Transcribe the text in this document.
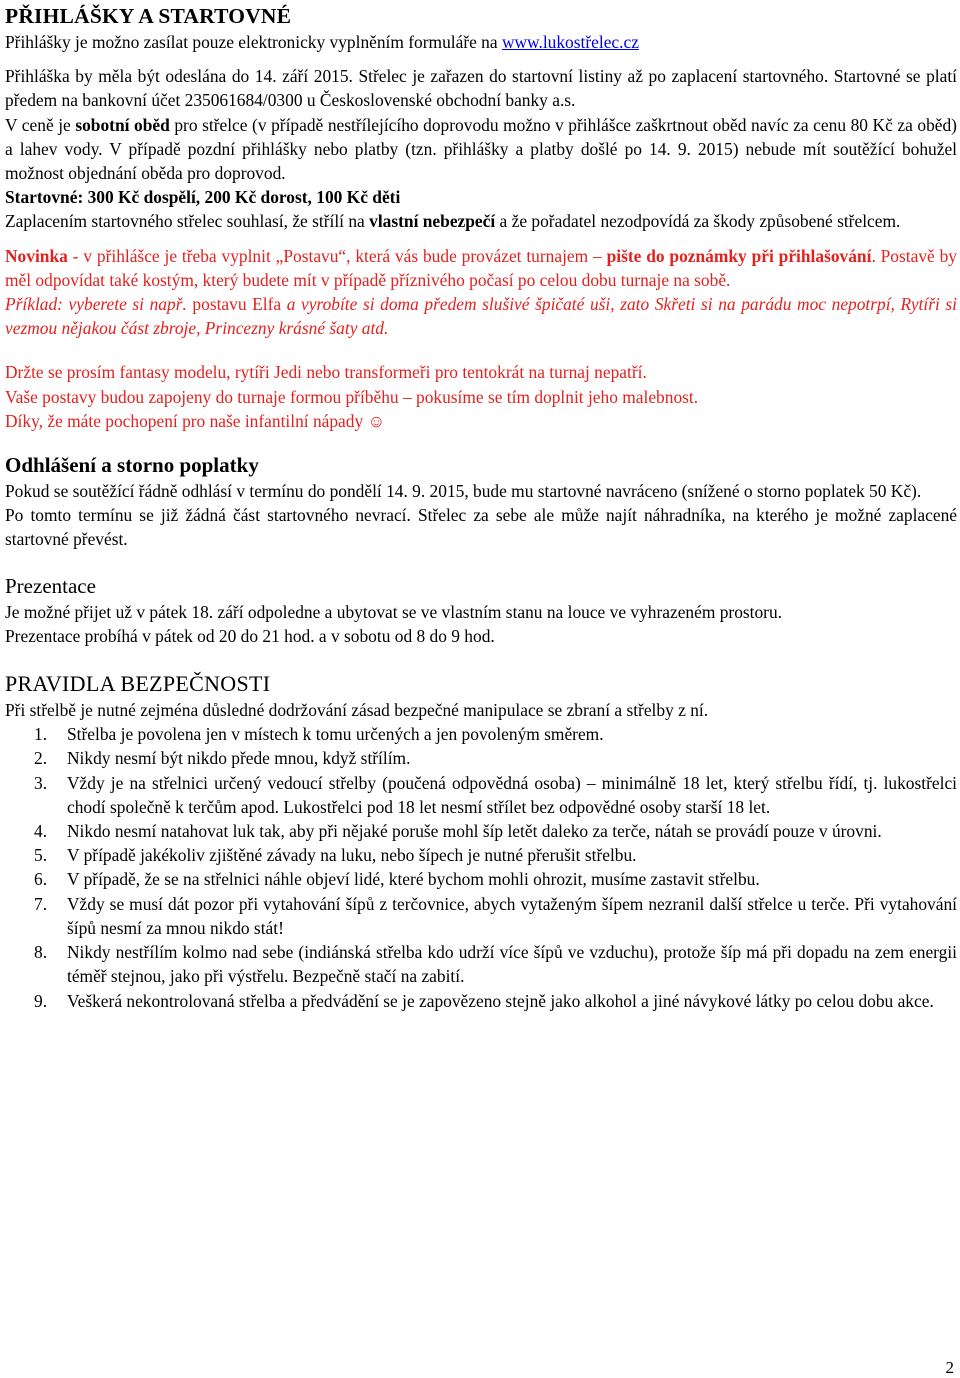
PŘIHLÁŠKY A STARTOVNÉ

Přihlášky je možno zasílat pouze elektronicky vyplněním formuláře na www.lukostřelec.cz

Přihláška by měla být odeslána do 14. září 2015. Střelec je zařazen do startovní listiny až po zaplacení startovného. Startovné se platí předem na bankovní účet 235061684/0300 u Československé obchodní banky a.s.

V ceně je sobotní oběd pro střelce (v případě nestřílejícího doprovodu možno v přihlášce zaškrtnout oběd navíc za cenu 80 Kč za oběd) a lahev vody. V případě pozdní přihlášky nebo platby (tzn. přihlášky a platby došlé po 14. 9. 2015) nebude mít soutěžící bohužel možnost objednání oběda pro doprovod.

Startovné: 300 Kč dospělí, 200 Kč dorost, 100 Kč děti

Zaplacením startovného střelec souhlasí, že střílí na vlastní nebezpečí a že pořadatel nezodpovídá za škody způsobené střelcem.

Novinka - v přihlášce je třeba vyplnit „Postavu“, která vás bude provázet turnajem – pište do poznámky při přihlašování. Postavě by měl odpovídat také kostým, který budete mít v případě příznivého počasí po celou dobu turnaje na sobě.

Příklad: vyberete si např. postavu Elfa a vyrobíte si doma předem slušivé špičaté uši, zato Skřeti si na parádu moc nepotrpí, Rytíři si vezmou nějakou část zbroje, Princezny krásné šaty atd.

Držte se prosím fantasy modelu, rytíři Jedi nebo transformeři pro tentokrát na turnaj nepatří.

Vaše postavy budou zapojeny do turnaje formou příběhu – pokusíme se tím doplnit jeho malebnost.

Díky, že máte pochopení pro naše infantilní nápady ☺

Odhlášení a storno poplatky

Pokud se soutěžící řádně odhlásí v termínu do pondělí 14. 9. 2015, bude mu startovné navráceno (snížené o storno poplatek 50 Kč).

Po tomto termínu se již žádná část startovného nevrací. Střelec za sebe ale může najít náhradníka, na kterého je možné zaplacené startovné převést.

Prezentace

Je možné přijet už v pátek 18. září odpoledne a ubytovat se ve vlastním stanu na louce ve vyhrazeném prostoru.

Prezentace probíhá v pátek od 20 do 21 hod. a v sobotu od 8 do 9 hod.

PRAVIDLA BEZPEČNOSTI

Při střelbě je nutné zejména důsledné dodržování zásad bezpečné manipulace se zbraní a střelby z ní.

1. Střelba je povolena jen v místech k tomu určených a jen povoleným směrem.
2. Nikdy nesmí být nikdo přede mnou, když střílím.
3. Vždy je na střelnici určený vedoucí střelby (poučená odpovědná osoba) – minimálně 18 let, který střelbu řídí, tj. lukostřelci chodí společně k terčům apod. Lukostřelci pod 18 let nesmí střílet bez odpovědné osoby starší 18 let.
4. Nikdo nesmí natahovat luk tak, aby při nějaké poruše mohl šíp letět daleko za terče, nátah se provádí pouze v úrovni.
5. V případě jakékoliv zjištěné závady na luku, nebo šípech je nutné přerušit střelbu.
6. V případě, že se na střelnici náhle objeví lidé, které bychom mohli ohrozit, musíme zastavit střelbu.
7. Vždy se musí dát pozor při vytahování šípů z terčovnice, abych vytaženým šípem nezranil další střelce u terče. Při vytahování šípů nesmí za mnou nikdo stát!
8. Nikdy nestřílím kolmo nad sebe (indiánská střelba kdo udrží více šípů ve vzduchu), protože šíp má při dopadu na zem energii téměř stejnou, jako při výstřelu. Bezpečně stačí na zabití.
9. Veškerá nekontrolovaná střelba a předvádění se je zapovězeno stejně jako alkohol a jiné návykové látky po celou dobu akce.
2
